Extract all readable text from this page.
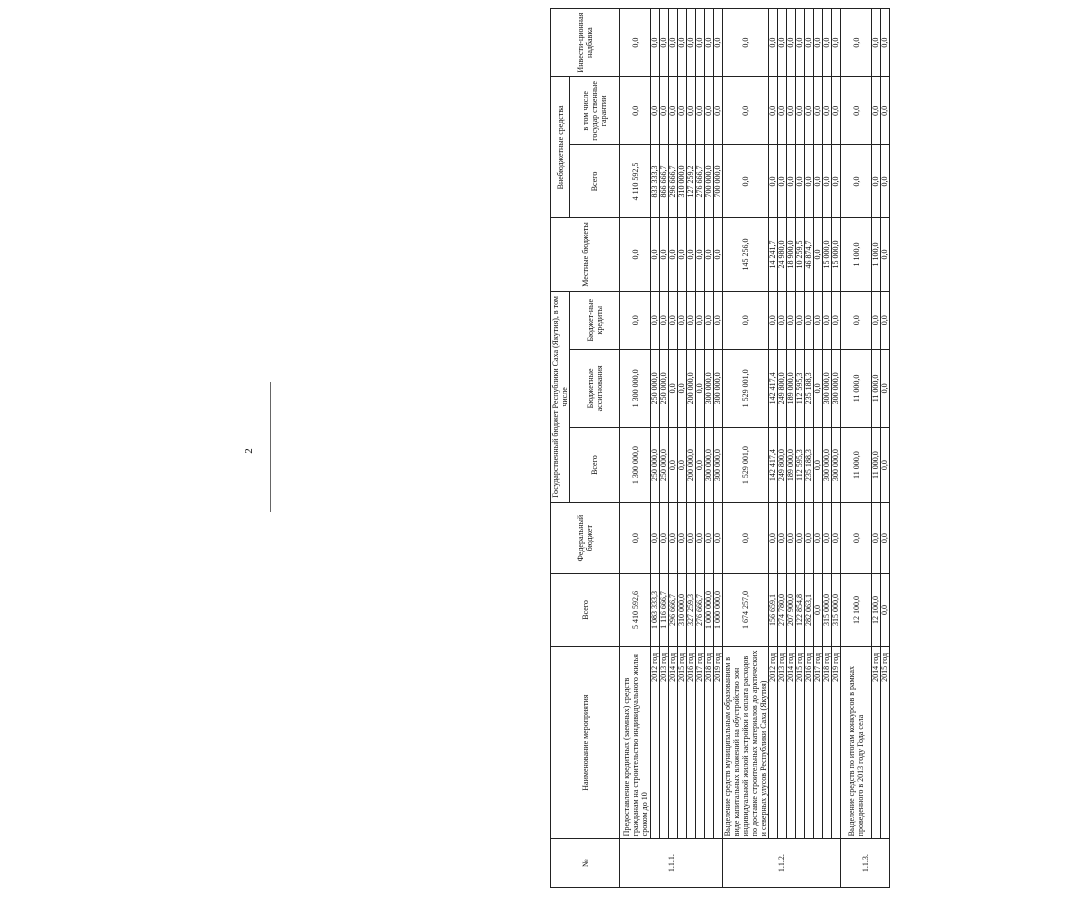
2
№	Наименование мероприятия	Всего	Федеральный бюджет	Государственный бюджет Республики Саха (Якутия), в том числе			Местные бюджеты	Внебюджетные средства		Инвести-ционная надбавка
				Всего	Бюджетные ассигнования	Бюджет-ные кредиты		Всего	в том числе государ ственные гарантии	
1.1.1.	Предоставление кредитных (заемных) средств гражданам на строительство индивидуального жилья сроком до 10	5 410 592,6	0,0	1 300 000,0	1 300 000,0	0,0	0,0	4 110 592,5	0,0	0,0
	2012 год	1 083 333,3	0,0	250 000,0	250 000,0	0,0	0,0	833 333,3	0,0	0,0
	2013 год	1 116 666,7	0,0	250 000,0	250 000,0	0,0	0,0	866 666,7	0,0	0,0
	2014 год	296 666,7	0,0	0,0	0,0	0,0	0,0	296 666,7	0,0	0,0
	2015 год	310 000,0	0,0	0,0	0,0	0,0	0,0	310 000,0	0,0	0,0
	2016 год	327 259,3	0,0	200 000,0	200 000,0	0,0	0,0	127 259,2	0,0	0,0
	2017 год	276 666,7	0,0	0,0	0,0	0,0	0,0	276 666,7	0,0	0,0
	2018 год	1 000 000,0	0,0	300 000,0	300 000,0	0,0	0,0	700 000,0	0,0	0,0
	2019 год	1 000 000,0	0,0	300 000,0	300 000,0	0,0	0,0	700 000,0	0,0	0,0
1.1.2.	Выделение средств муниципальным образованиям в виде капитальных вложений на обустройство зон индивидуальной жилой застройки и оплата расходов по доставке строительных материалов до арктических и северных улусов Республики Саха (Якутия)	1 674 257,0	0,0	1 529 001,0	1 529 001,0	0,0	145 256,0	0,0	0,0	0,0
	2012 год	156 659,1	0,0	142 417,4	142 417,4	0,0	14 241,7	0,0	0,0	0,0
	2013 год	274 780,0	0,0	249 800,0	249 800,0	0,0	24 980,0	0,0	0,0	0,0
	2014 год	207 900,0	0,0	189 000,0	189 000,0	0,0	18 900,0	0,0	0,0	0,0
	2015 год	122 854,8	0,0	112 595,3	112 595,3	0,0	10 259,5	0,0	0,0	0,0
	2016 год	282 063,1	0,0	235 188,3	235 188,3	0,0	46 874,7	0,0	0,0	0,0
	2017 год	0,0	0,0	0,0	0,0	0,0	0,0	0,0	0,0	0,0
	2018 год	315 000,0	0,0	300 000,0	300 000,0	0,0	15 000,0	0,0	0,0	0,0
	2019 год	315 000,0	0,0	300 000,0	300 000,0	0,0	15 000,0	0,0	0,0	0,0
1.1.3.	Выделение средств по итогам конкурсов в рамках проведенного в 2013 году Года села	12 100,0	0,0	11 000,0	11 000,0	0,0	1 100,0	0,0	0,0	0,0
	2014 год	12 100,0	0,0	11 000,0	11 000,0	0,0	1 100,0	0,0	0,0	0,0
	2015 год	0,0	0,0	0,0	0,0	0,0	0,0	0,0	0,0	0,0
